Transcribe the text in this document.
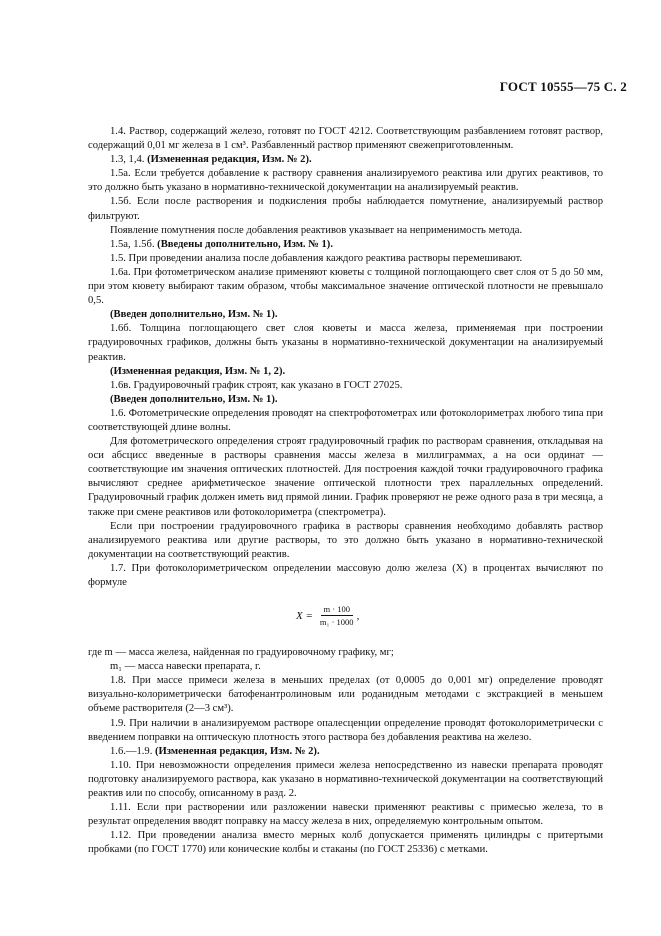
ГОСТ 10555—75 С. 2

1.4. Раствор, содержащий железо, готовят по ГОСТ 4212. Соответствующим разбавлением готовят раствор, содержащий 0,01 мг железа в 1 см³. Разбавленный раствор применяют свежеприготовленным.

1.3, 1,4. (Измененная редакция, Изм. № 2).

1.5а. Если требуется добавление к раствору сравнения анализируемого реактива или других реактивов, то это должно быть указано в нормативно-технической документации на анализируемый реактив.

1.5б. Если после растворения и подкисления пробы наблюдается помутнение, анализируемый раствор фильтруют.

Появление помутнения после добавления реактивов указывает на неприменимость метода.

1.5а, 1.5б. (Введены дополнительно, Изм. № 1).

1.5. При проведении анализа после добавления каждого реактива растворы перемешивают.

1.6а. При фотометрическом анализе применяют кюветы с толщиной поглощающего свет слоя от 5 до 50 мм, при этом кювету выбирают таким образом, чтобы максимальное значение оптической плотности не превышало 0,5.

(Введен дополнительно, Изм. № 1).

1.6б. Толщина поглощающего свет слоя кюветы и масса железа, применяемая при построении градуировочных графиков, должны быть указаны в нормативно-технической документации на анализируемый реактив.

(Измененная редакция, Изм. № 1, 2).

1.6в. Градуировочный график строят, как указано в ГОСТ 27025.

(Введен дополнительно, Изм. № 1).

1.6. Фотометрические определения проводят на спектрофотометрах или фотоколориметрах любого типа при соответствующей длине волны.

Для фотометрического определения строят градуировочный график по растворам сравнения, откладывая на оси абсцисс введенные в растворы сравнения массы железа в миллиграммах, а на оси ординат — соответствующие им значения оптических плотностей. Для построения каждой точки градуировочного графика вычисляют среднее арифметическое значение оптической плотности трех параллельных определений. Градуировочный график должен иметь вид прямой линии. График проверяют не реже одного раза в три месяца, а также при смене реактивов или фотоколориметра (спектрометра).

Если при построении градуировочного графика в растворы сравнения необходимо добавлять раствор анализируемого реактива или другие растворы, то это должно быть указано в нормативно-технической документации на соответствующий реактив.

1.7. При фотоколориметрическом определении массовую долю железа (X) в процентах вычисляют по формуле

$X = \frac{m \cdot 100}{\text{m₁ · 1000}}$ ,

где m — масса железа, найденная по градуировочному графику, мг;

m₁ — масса навески препарата, г.

1.8. При массе примеси железа в меньших пределах (от 0,0005 до 0,001 мг) определение проводят визуально-колориметрически батофенантролиновым или роданидным методами с экстракцией в меньшем объеме растворителя (2—3 см³).

1.9. При наличии в анализируемом растворе опалесценции определение проводят фотоколориметрически с введением поправки на оптическую плотность этого раствора без добавления реактива на железо.

1.6.—1.9. (Измененная редакция, Изм. № 2).

1.10. При невозможности определения примеси железа непосредственно из навески препарата проводят подготовку анализируемого раствора, как указано в нормативно-технической документации на соответствующий реактив или по способу, описанному в разд. 2.

1.11. Если при растворении или разложении навески применяют реактивы с примесью железа, то в результат определения вводят поправку на массу железа в них, определяемую контрольным опытом.

1.12. При проведении анализа вместо мерных колб допускается применять цилиндры с притертыми пробками (по ГОСТ 1770) или конические колбы и стаканы (по ГОСТ 25336) с метками.
